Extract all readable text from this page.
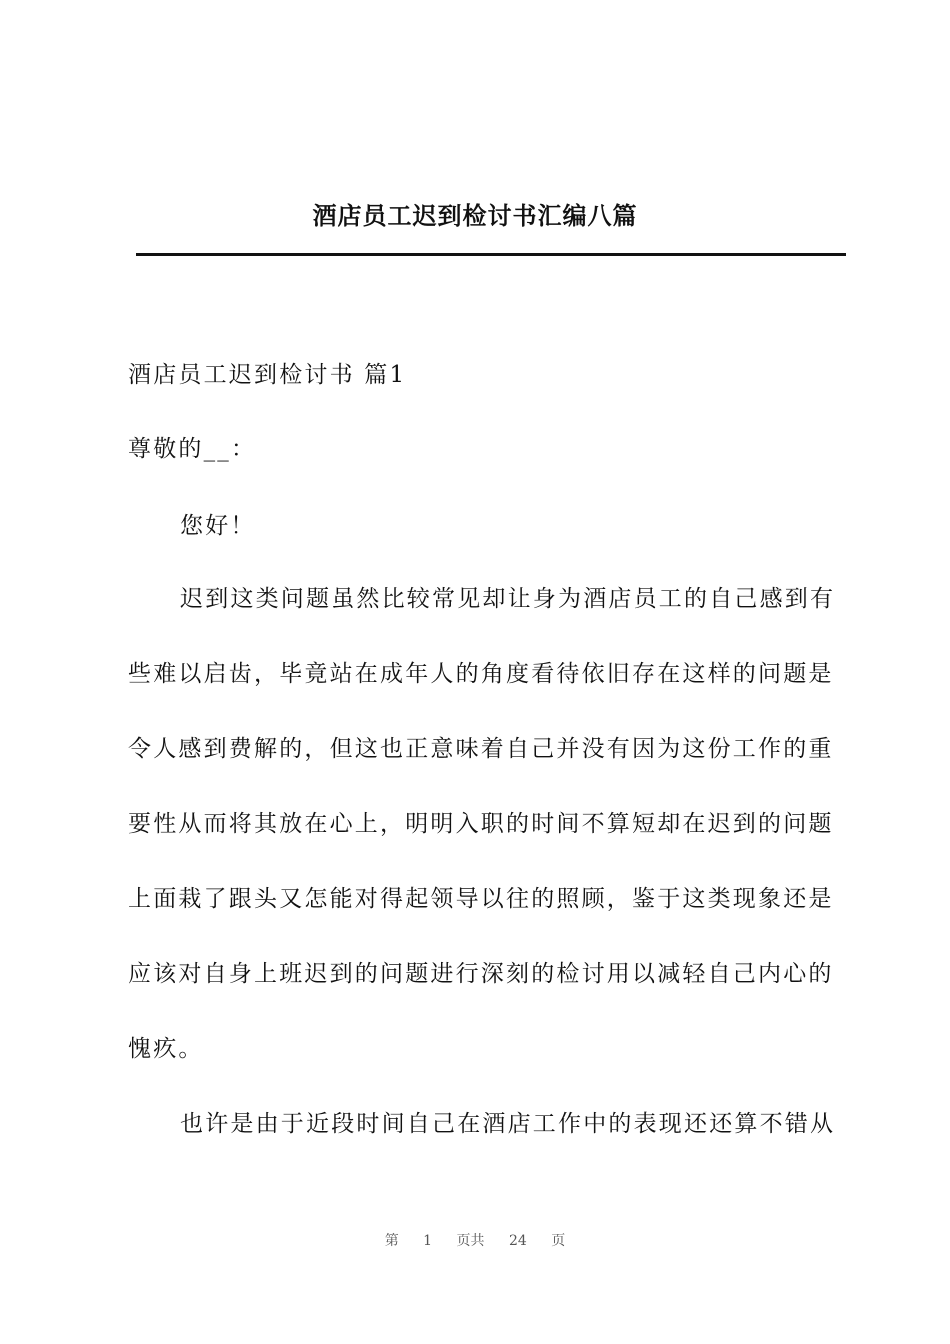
酒店员工迟到检讨书汇编八篇
酒店员工迟到检讨书 篇1
尊敬的__：
您好！
迟到这类问题虽然比较常见却让身为酒店员工的自己感到有
些难以启齿，毕竟站在成年人的角度看待依旧存在这样的问题是
令人感到费解的，但这也正意味着自己并没有因为这份工作的重
要性从而将其放在心上，明明入职的时间不算短却在迟到的问题
上面栽了跟头又怎能对得起领导以往的照顾，鉴于这类现象还是
应该对自身上班迟到的问题进行深刻的检讨用以减轻自己内心的
愧疚。
也许是由于近段时间自己在酒店工作中的表现还还算不错从
第 1 页共 24 页
